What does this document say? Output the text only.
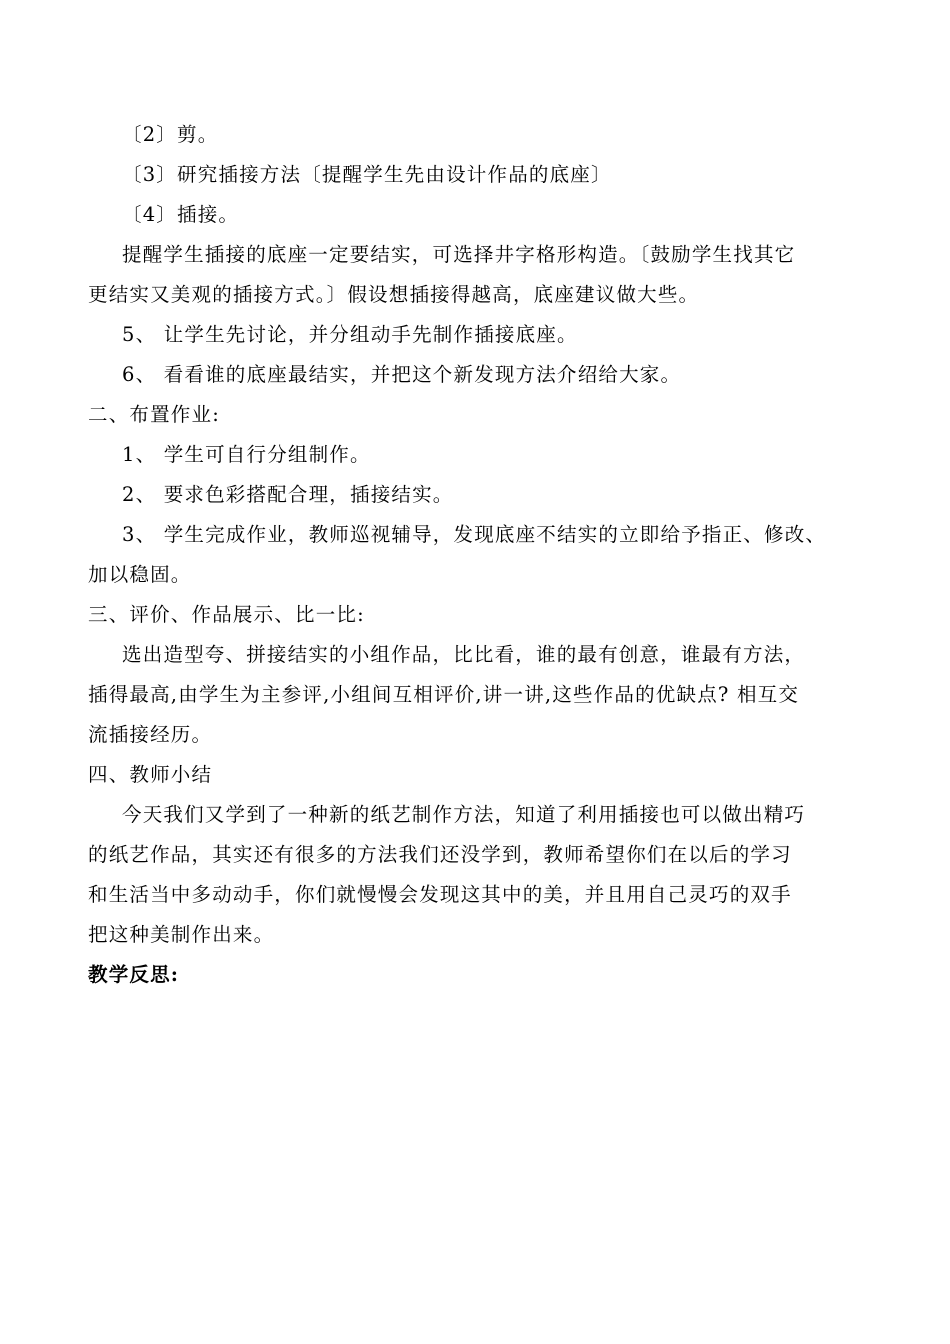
〔2〕剪。
〔3〕研究插接方法〔提醒学生先由设计作品的底座〕
〔4〕插接。
提醒学生插接的底座一定要结实，可选择井字格形构造。〔鼓励学生找其它
更结实又美观的插接方式。〕假设想插接得越高，底座建议做大些。
5、 让学生先讨论，并分组动手先制作插接底座。
6、 看看谁的底座最结实，并把这个新发现方法介绍给大家。
二、布置作业:
1、 学生可自行分组制作。
2、 要求色彩搭配合理，插接结实。
3、 学生完成作业，教师巡视辅导，发现底座不结实的立即给予指正、修改、
加以稳固。
三、评价、作品展示、比一比:
选出造型夸、拼接结实的小组作品，比比看，谁的最有创意，谁最有方法，
插得最高,由学生为主参评,小组间互相评价,讲一讲,这些作品的优缺点? 相互交
流插接经历。
四、教师小结
今天我们又学到了一种新的纸艺制作方法，知道了利用插接也可以做出精巧
的纸艺作品，其实还有很多的方法我们还没学到，教师希望你们在以后的学习
和生活当中多动动手，你们就慢慢会发现这其中的美，并且用自己灵巧的双手
把这种美制作出来。
教学反思:
